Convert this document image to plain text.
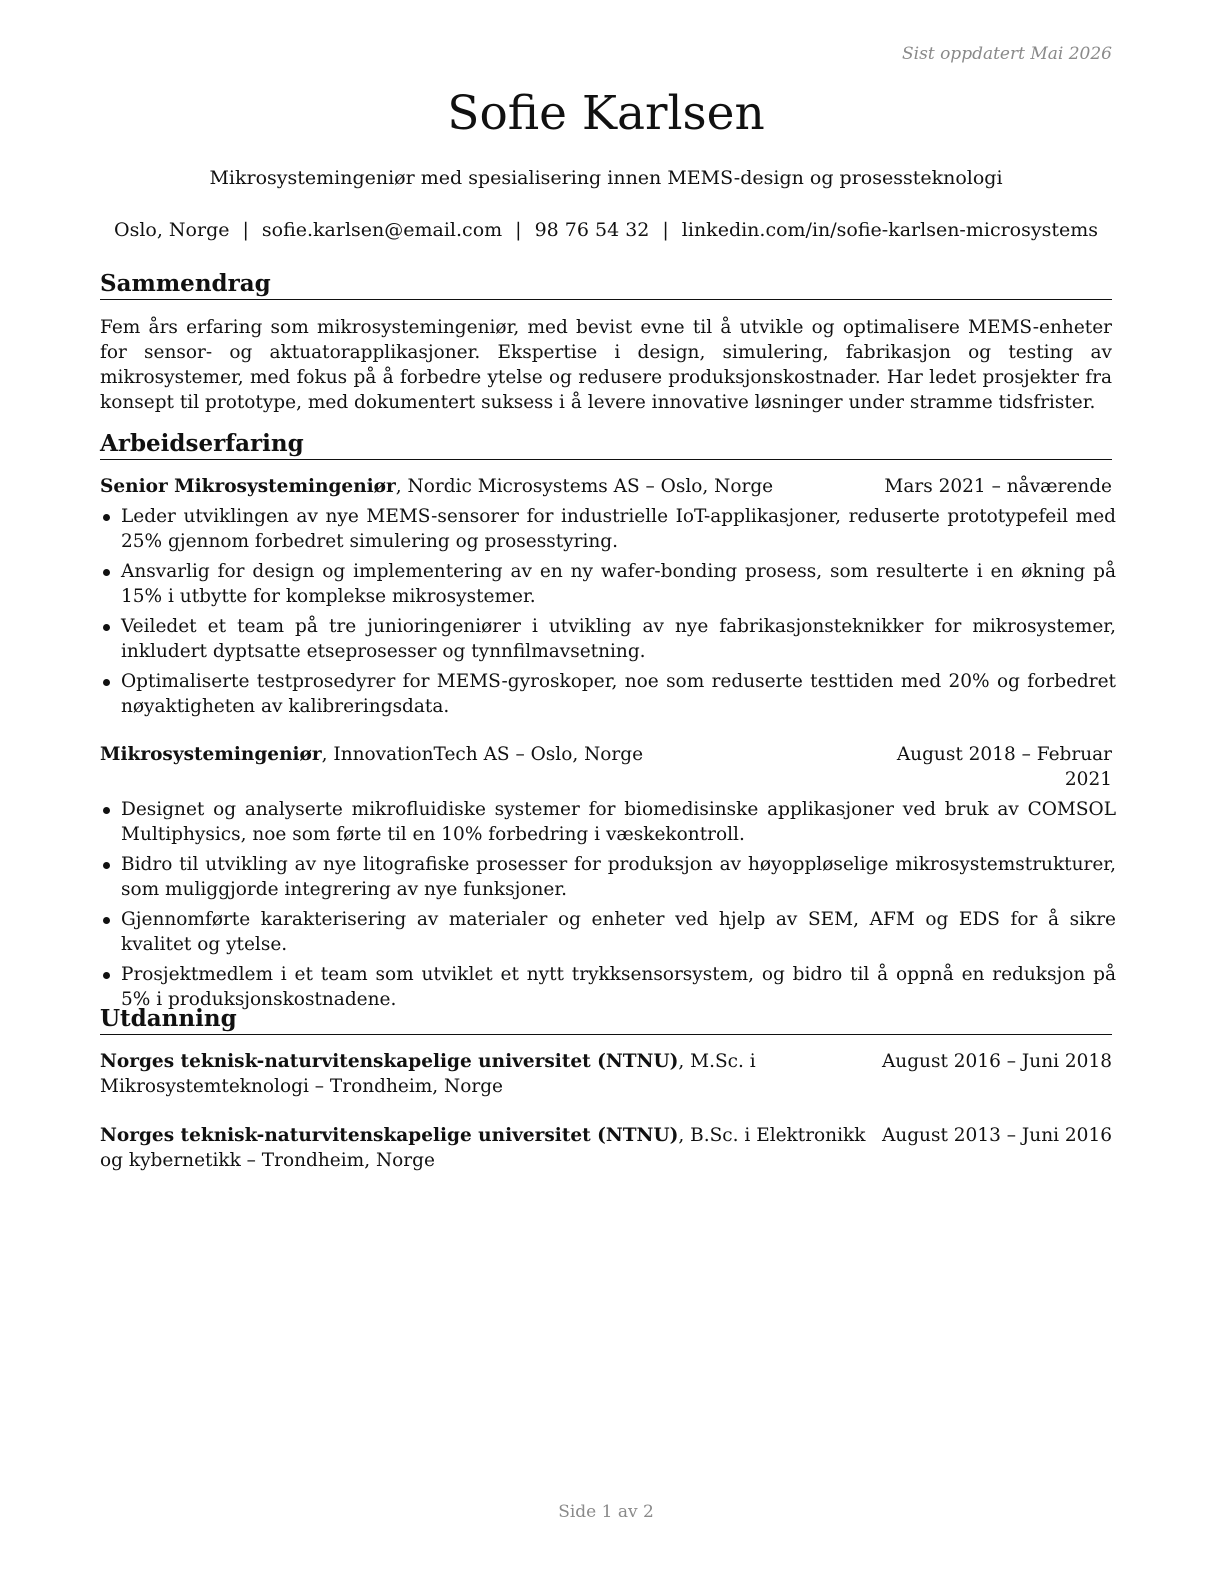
Sist oppdatert Mai 2026
Sofie Karlsen
Mikrosystemingeniør med spesialisering innen MEMS-design og prosessteknologi
Oslo, Norge | sofie.karlsen@email.com | 98 76 54 32 | linkedin.com/in/sofie-karlsen-microsystems
Sammendrag
Fem års erfaring som mikrosystemingeniør, med bevist evne til å utvikle og optimalisere MEMS-enheter for sensor- og aktuatorapplikasjoner. Ekspertise i design, simulering, fabrikasjon og testing av mikrosystemer, med fokus på å forbedre ytelse og redusere produksjonskostnader. Har ledet prosjekter fra konsept til prototype, med dokumentert suksess i å levere innovative løsninger under stramme tidsfrister.
Arbeidserfaring
Senior Mikrosystemingeniør, Nordic Microsystems AS – Oslo, Norge	Mars 2021 – nåværende
Leder utviklingen av nye MEMS-sensorer for industrielle IoT-applikasjoner, reduserte prototypefeil med 25% gjennom forbedret simulering og prosesstyring.
Ansvarlig for design og implementering av en ny wafer-bonding prosess, som resulterte i en økning på 15% i utbytte for komplekse mikrosystemer.
Veiledet et team på tre junioringeniører i utvikling av nye fabrikasjonsteknikker for mikrosystemer, inkludert dyptsatte etseprosesser og tynnfilmavsetning.
Optimaliserte testprosedyrer for MEMS-gyroskoper, noe som reduserte testtiden med 20% og forbedret nøyaktigheten av kalibreringsdata.
Mikrosystemingeniør, InnovationTech AS – Oslo, Norge	August 2018 – Februar
2021
Designet og analyserte mikrofluidiske systemer for biomedisinske applikasjoner ved bruk av COMSOL Multiphysics, noe som førte til en 10% forbedring i væskekontroll.
Bidro til utvikling av nye litografiske prosesser for produksjon av høyoppløselige mikrosystemstrukturer, som muliggjorde integrering av nye funksjoner.
Gjennomførte karakterisering av materialer og enheter ved hjelp av SEM, AFM og EDS for å sikre kvalitet og ytelse.
Prosjektmedlem i et team som utviklet et nytt trykksensorsystem, og bidro til å oppnå en reduksjon på 5% i produksjonskostnadene.
Utdanning
Norges teknisk-naturvitenskapelige universitet (NTNU), M.Sc. i Mikrosystemteknologi – Trondheim, Norge
August 2016 – Juni 2018
Norges teknisk-naturvitenskapelige universitet (NTNU), B.Sc. i Elektronikk og kybernetikk – Trondheim, Norge
August 2013 – Juni 2016
Side 1 av 2
